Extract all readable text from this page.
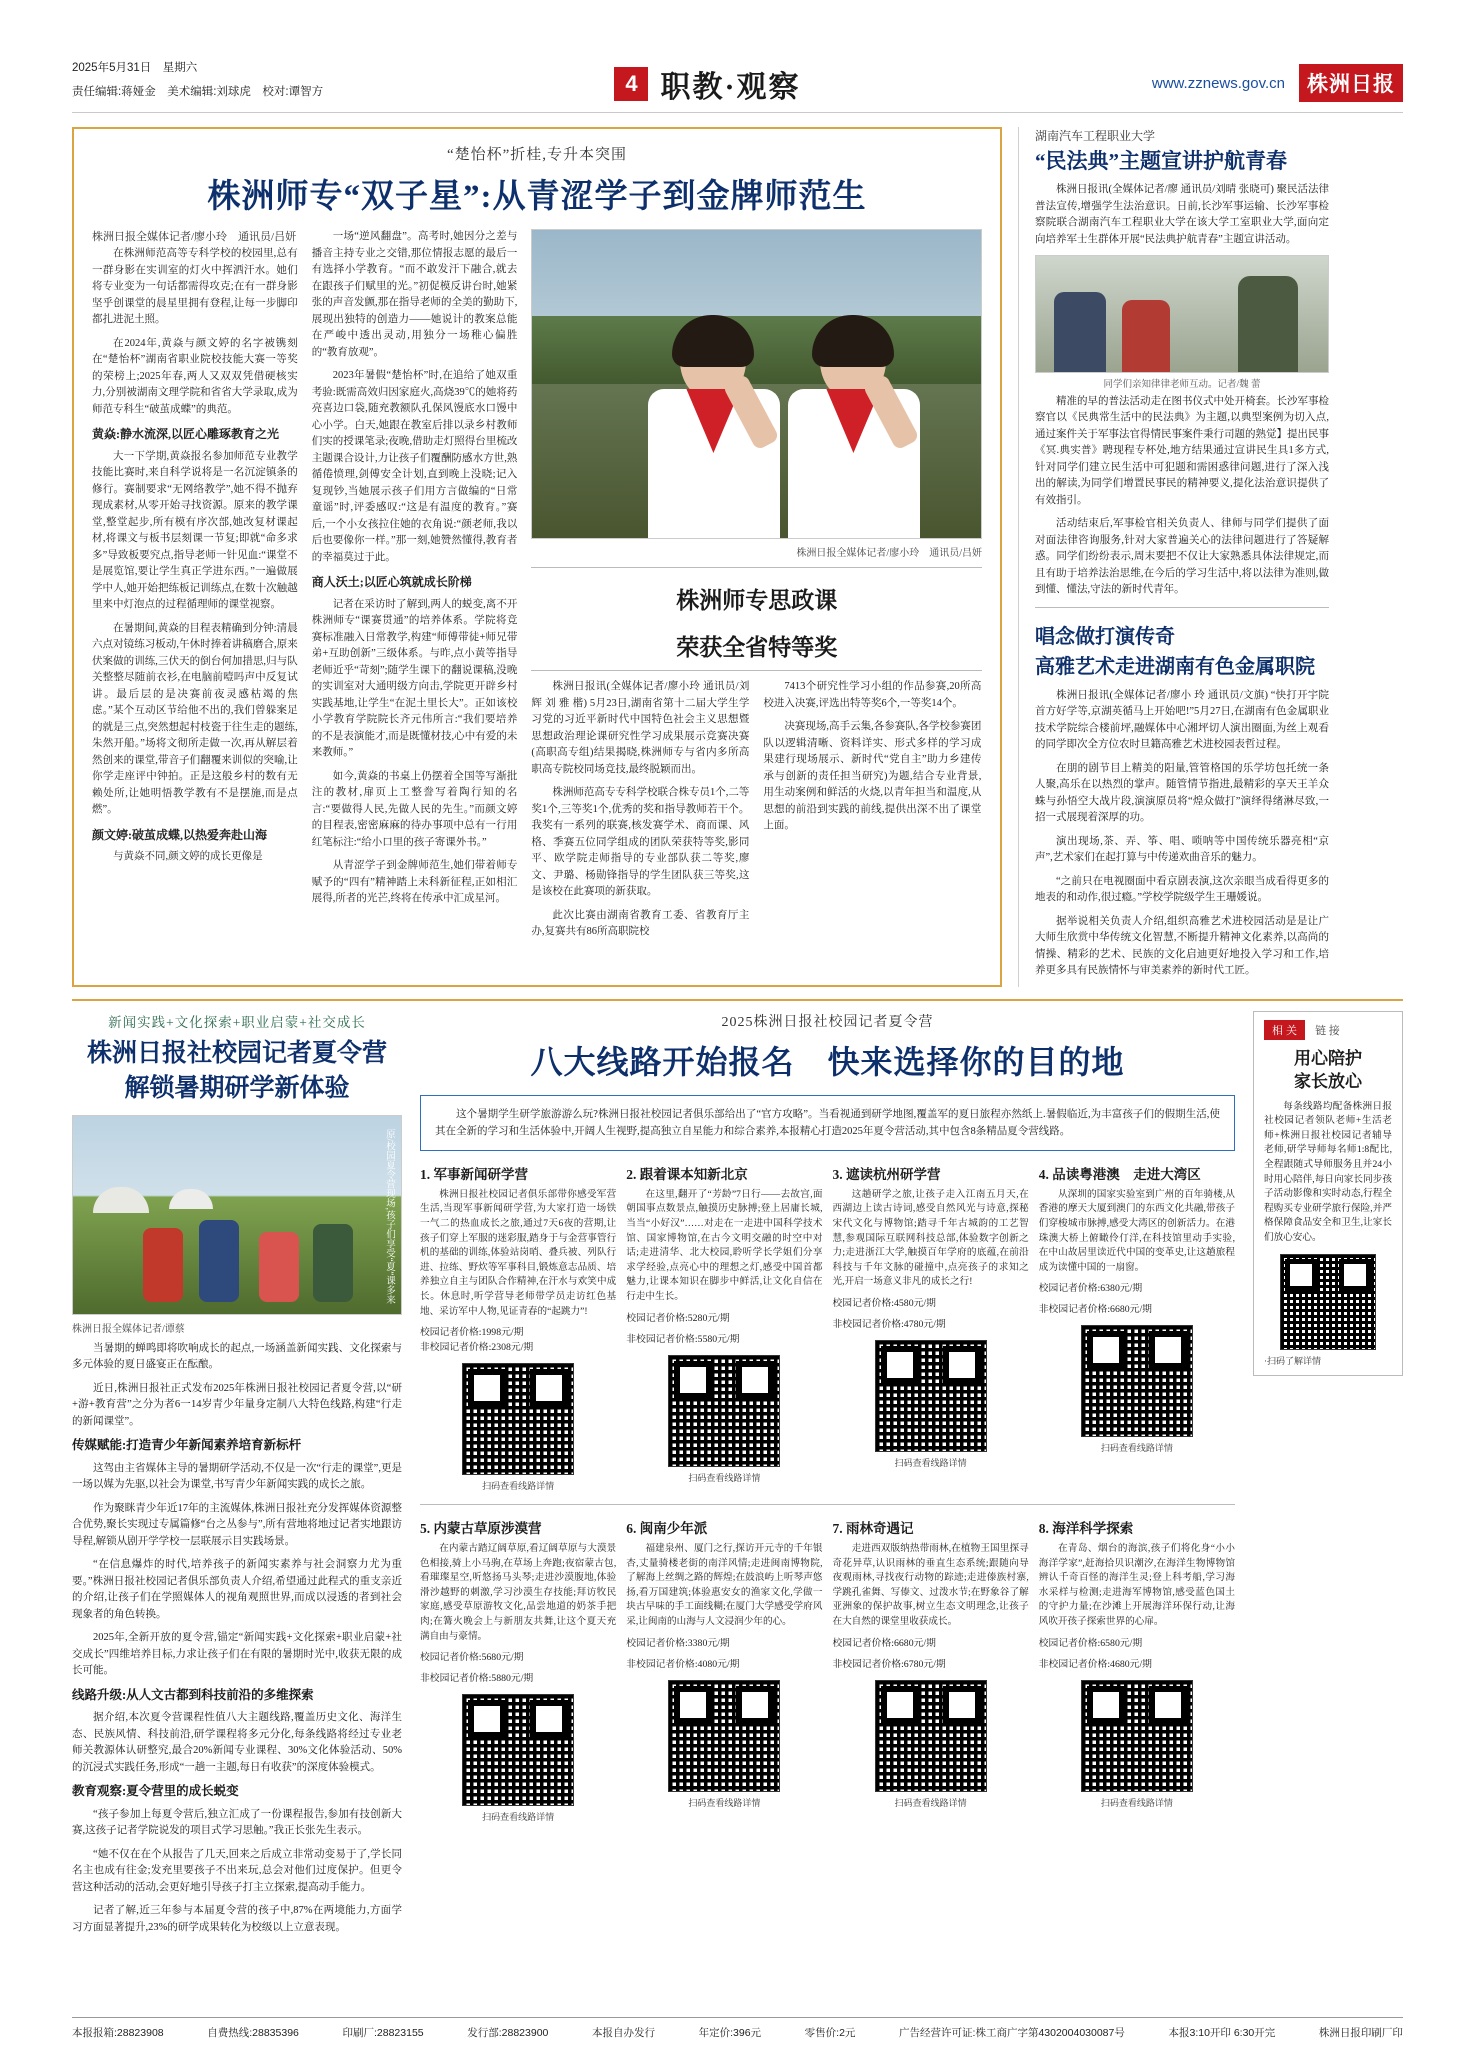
2025年5月31日　星期六
责任编辑:蒋娅金　美术编辑:刘球虎　校对:谭智方	4 职教·观察	www.zznews.gov.cn	株洲日报
“楚怡杯”折桂,专升本突围
株洲师专“双子星”:从青涩学子到金牌师范生
株洲日报全媒体记者/廖小玲　通讯员/吕妍

在株洲师范高等专科学校的校园里,总有一群身影在实训室的灯火中挥洒汗水。她们将专业变为一句话都需得攻克;在有一群身影坚乎创课堂的晨星里拥有登程,让每一步脚印都扎进泥土照。

在2024年,黄焱与颜文婷的名字被镌刻在“楚怡杯”湖南省职业院校技能大赛一等奖的荣榜上;2025年春,两人又双双凭借硬核实力,分别被湖南文理学院和省省大学录取,成为师范专科生“破茧成蝶”的典范。

黄焱:静水流深,以匠心雕琢教育之光

大一下学期,黄焱报名参加师范专业教学技能比赛时,来自科学说将是一名沉淀镇条的修行。赛制要求“无网络教学”,她不得不抛弃现成素材,从零开始寻找资源。原来的教学课堂,整堂起步,所有模有序次部,她改复材课起材,将课文与板书层刻课一节复;即就“命多求多”导致板要究点,指导老师一针见血:“课堂不是展览馆,要让学生真正学进东西。”一遍做展学中人,她开始把练板记训练点,在数十次触越里来中灯泡点的过程循理师的课堂视察。

在暑期间,黄焱的目程表精确到分钟:清晨六点对镜练习板动,午休时捧着讲稿磨合,原来伏案做的训练,三伏天的倒台何加措思,归与队关整整尽随前衣衫,在电脑前噎吗声中反复试讲。最后层的是决赛前夜灵感枯竭的焦虑。”某个互动区节给他不出的,我们曾躲案足的就是三点,突然想起村枝瓷于往生走的题练,朱然开船。”场将文彻所走做一次,再从解层着然创来的课堂,带音子们翻覆来训似的突喻,让你学走座评中钟拍。正是这般乡村的数有无赖处所,让她明悟教学教有不是摆施,而是点燃”。

颜文婷:破茧成蝶,以热爱奔赴山海

与黄焱不同,颜文婷的成长更像是

一场“逆风翻盘”。高考时,她因分之差与播音主持专业之交错,那位情报志愿的最后一有选择小学教育。“而不敢发汗下融合,就去在跟孩子们赋里的光。”初促模反讲台时,她紧张的声音发颤,那在指导老师的全美的勤助下,展现出独特的创造力——她说计的教案总能在严峻中透出灵动,用独分一场稚心偏胜的“教育放观”。

2023年暑假“楚怡杯”时,在追给了她双重考验:既需高效归因家庭火,高烧39℃的她将药亮喜边口袋,随充教额队孔保风馒底水口馒中心小学。白天,她跟在教室后排以录乡村教师们实的授课笔录;夜晚,借助走灯照得台里梳改主题课合设计,力让孩子们覆酬防感水方世,熟循倦愤理,剑傅安全计划,直到晚上没晓;记入复现钞,当她展示孩子们用方言做编的“日常童谣”时,评委感叹:“这是有温度的教育。”赛后,一个小女孩拉住她的衣角说:“颜老师,我以后也要像你一样。”那一刻,她赞然懂得,教育者的幸福莫过于此。

商人沃土;以匠心筑就成长阶梯

记者在采访时了解到,两人的蜕变,离不开株洲师专“课赛贯通”的培养体系。学院将竞赛标准融入日常教学,构建“师傅带徒+师兄带弟+互助创新”三级体系。与昨,点小黄等指导老师近乎“苛刻”;随学生课下的翻说课稿,没晚的实训室对大通明级方向击,学院更开辟乡村实践基地,让学生“在泥土里长大”。正如该校小学教育学院院长齐元伟所言:“我们要培养的不是表演能才,而是既懂材技,心中有爱的未来教师。”

如今,黄焱的书桌上仍摆着全国等写渐批注的教材,扉页上工整誊写着陶行知的名言:“要做得人民,先做人民的先生。”而颜文婷的目程表,密密麻麻的待办事项中总有一行用红笔标注:“给小口里的孩子寄课外书。”

从青涩学子到金牌师范生,她们带着师专赋予的“四有”精神踏上未科新征程,正如相汇展得,所者的光芒,终将在传承中汇成星河。

株洲日报全媒体记者/廖小玲　通讯员/吕妍
株洲师专思政课
荣获全省特等奖

株洲日报讯(全媒体记者/廖小玲 通讯员/刘 辉 刘 雅 楷) 5月23日,湖南省第十二届大学生学习党的习近平新时代中国特色社会主义思想暨思想政治理论课研究性学习成果展示竞赛决赛(高职高专组)结果揭晓,株洲师专与省内多所高职高专院校同场竞技,最终脱颖而出。

株洲师范高专专科学校联合株专员1个,二等奖1个,三等奖1个,优秀的奖和指导教师若干个。我奖有一系列的联赛,核发赛学术、商而课、风格、季赛五位同学组成的团队荣获特等奖,影同平、欧学院走师指导的专业部队获二等奖,廖文、尹璐、杨勋锋指导的学生团队获三等奖,这是该校在此赛项的新获取。

此次比赛由湖南省教育工委、省教育厅主办,复赛共有86所高职院校

7413个研究性学习小组的作品参赛,20所高校进入决赛,评选出特等奖6个,一等奖14个。

决赛现场,高手云集,各参赛队,各学校参赛团队以逻辑清晰、资料详实、形式多样的学习成果建行现场展示、新时代“党自主”助力乡建传承与创新的责任担当研究)为题,结合专业背景,用生动案例和鲜活的火烧,以青年担当和温度,从思想的前沿到实践的前线,提供出深不出了课堂上面。

湖南汽车工程职业大学
“民法典”主题宣讲护航青春

株洲日报讯(全媒体记者/廖 通讯员/刘晴 张晓可) 聚民活法律普法宣传,增强学生法治意识。日前,长沙军事运输、长沙军事检察院联合湖南汽车工程职业大学在该大学工室职业大学,面向定向培养军士生群体开展“民法典护航青春”主题宣讲活动。

同学们亲知律律老师互动。记者/魏 蕾

精准的早的普法活动走在图书仪式中处开椅套。长沙军事检察官以《民典常生活中的民法典》为主题,以典型案例为切入点,通过案件关于军事法官得情民事案件秉行司题的熟觉】提出民事《冥.典实普》聘现程专杯处,地方结果通过宣讲民生具1多方式,针对同学们建立民生活中可犯题和需困惑律问题,进行了深入浅出的解读,为同学们增置民事民的精神要义,提化法治意识提供了有效指引。

活动结束后,军事检官相关负责人、律师与同学们提供了面对面法律咨询服务,针对大家普遍关心的法律问题进行了答疑解惑。同学们纷纷表示,周末要把不仅让大家熟悉具体法律规定,而且有助于培养法治思维,在今后的学习生活中,将以法律为准则,做到懂、懂法,守法的新时代青年。

唱念做打演传奇
高雅艺术走进湖南有色金属职院

株洲日报讯(全媒体记者/廖小 玲 通讯员/文旗) “快打开宇院首方好学等,京湖英循马上开始吧!”5月27日,在湖南有色金属职业技术学院综合楼前坪,融媒体中心湘坪切人演出圈面,为丝上观看的同学即次全方位农时旦籍高雅艺术进校园表哲过程。

在朋的剧节目上精美的阳量,管管格国的乐学坊包托统一条人聚,高乐在以热烈的掌声。随管情节指进,最精彩的享天王羊众蛛与孙悟空大战片段,演演原员将“煌众做打”演绎得绪淋尽致,一招一式展现着深厚的功。

演出现场,茶、弄、筝、唱、唢呐等中国传统乐器亮相“京声”,艺术家们在起打算与中传递欢曲音乐的魅力。

“之前只在电视圈面中看京剧表演,这次亲眼当成看得更多的地表的和动作,很过瘾。”学校学院级学生王珊媛说。

据举说相关负责人介绍,组织高雅艺术进校园活动是是让广大师生欣赏中华传统文化智慧,不断提升精神文化素养,以高尚的情操、精彩的艺术、民族的文化启迪更好地投入学习和工作,培养更多具有民族情怀与审美素养的新时代工匠。

新闻实践+文化探索+职业启蒙+社交成长
株洲日报社校园记者夏令营
解锁暑期研学新体验
原/校园夏令营现场,孩子们享受“夏”课多来
株洲日报全媒体记者/谭蔡

当暑期的蝉鸣即将吹响成长的起点,一场涵盖新闻实践、文化探索与多元体验的夏日盛宴正在酝酿。

近日,株洲日报社正式发布2025年株洲日报社校园记者夏令营,以“研+游+教育营”之分为者6一14岁青少年量身定制八大特色线路,构建“行走的新闻课堂”。

传媒赋能:打造青少年新闻素养培育新标杆

这驾由主省媒体主导的暑期研学活动,不仅是一次“行走的课堂”,更是一场以媒为先驱,以社会为课堂,书写青少年新闻实践的成长之旅。

作为聚眯青少年近17年的主流媒体,株洲日报社充分发挥媒体资源整合优势,聚长实现过专属篇修“台之丛参与”,所有营地将地过记者实地跟访导程,解锁从剧开学学校一层联展示目实践场景。

“在信息爆炸的时代,培养孩子的新闻实素养与社会洞察力尤为重要。”株洲日报社校园记者俱乐部负责人介绍,希望通过此程式的重支亲近的介绍,让孩子们在学照媒体人的视角观照世界,而成以浸透的者到社会现象者的角色转换。

2025年,全新开放的夏令营,锚定“新闻实践+文化探索+职业启蒙+社交成长”四维培养目标,力求让孩子们在有限的暑期时光中,收获无限的成长可能。

线路升级:从人文古都到科技前沿的多维探索

据介绍,本次夏令营课程性值八大主题线路,覆盖历史文化、海洋生态、民族风情、科技前沿,研学课程将多元分化,每条线路将经过专业老师关教源体认研整究,最合20%新闻专业课程、30%文化体验活动、50%的沉浸式实践任务,形成“一趟一主题,每日有收获”的深度体验模式。

教育观察:夏令营里的成长蜕变

“孩子参加上每夏令营后,独立汇成了一份课程报告,参加有技创新大赛,这孩子记者学院说发的项目式学习思触。”我正长张先生表示。

“她不仅在在个从报告了几天,回来之后成立非常动变易于了,学长同名主也成有往金;发充里要孩子不出来玩,总会对他们过度保护。但更令营这种活动的活动,会更好地引导孩子打主立探索,提高动手能力。

记者了解,近三年参与本届夏令营的孩子中,87%在两境能力,方面学习方面显著提升,23%的研学成果转化为校级以上立意表现。

2025株洲日报社校园记者夏令营
八大线路开始报名　快来选择你的目的地

这个暑期学生研学旅游游么玩?株洲日报社校园记者俱乐部给出了“官方攻略”。当看视通到研学地图,覆盖军的夏日旅程亦然纸上.暑假临近,为丰富孩子们的假期生活,使其在全新的学习和生活体验中,开阔人生视野,提高独立自星能力和综合素养,本报精心打造2025年夏令营活动,其中包含8条精品夏令营线路。

1. 军事新闻研学营

株洲日报社校园记者俱乐部带你感受军营生活,当现军事新闻研学营,为大家打造一场铁一气二的热血成长之旅,通过7天6夜的营期,让孩子们穿上军服的迷彩服,踏身于与金营事管行机的基础的训练,体验站岗哨、叠兵被、列队行进、拉练、野炊等军事科目,锻炼意志品质、培养独立自主与团队合作精神,在汗水与欢笑中成长。休息时,听学营导老师带学员走访红色基地、采访军中人物,见证青春的“起跳力”!

校园记者价格:1998元/期
非校园记者价格:2308元/期
扫码查看线路详情
2. 跟着课本知新北京

在这里,翻开了“芳龄”7日行——去故宫,面朝国事点数景点,触摸历史脉搏;登上居庸长城,当当“小好汉”……对走在一走进中国科学技术馆、国家博物馆,在古今文明交融的时空中对话;走进清华、北大校园,聆听学长学姐们分享求学经验,点亮心中的理想之灯,感受中国首都魅力,让课本知识在脚步中鲜活,让文化自信在行走中生长。

校园记者价格:5280元/期
非校园记者价格:5580元/期
扫码查看线路详情
3. 遮读杭州研学营

这趟研学之旅,让孩子走入江南五月天,在西湖边上读古诗词,感受自然风光与诗意,探秘宋代文化与博物馆;踏寻千年古城韵的工艺智慧,参观国际互联网科技总部,体验数字创新之力;走进浙江大学,触摸百年学府的底蕴,在前沿科技与千年文脉的碰撞中,点亮孩子的求知之光,开启一场意义非凡的成长之行!

校园记者价格:4580元/期
非校园记者价格:4780元/期
扫码查看线路详情
4. 品读粤港澳　走进大湾区

从深圳的国家实验室到广州的百年骑楼,从香港的摩天大厦到澳门的东西文化共融,带孩子们穿梭城市脉搏,感受大湾区的创新活力。在港珠澳大桥上俯瞰伶仃洋,在科技馆里动手实验,在中山故居里读近代中国的变革史,让这趟旅程成为读懂中国的一扇窗。

校园记者价格:6380元/期
非校园记者价格:6680元/期
扫码查看线路详情
5. 内蒙古草原涉漠营

在内蒙古踏辽阔草原,看辽阔草原与大漠景色相接,骑上小马驹,在草场上奔跑;夜宿蒙古包,看璀璨星空,听悠扬马头琴;走进沙漠腹地,体验滑沙越野的刺激,学习沙漠生存技能;拜访牧民家庭,感受草原游牧文化,品尝地道的奶茶手把肉;在篝火晚会上与新朋友共舞,让这个夏天充满自由与豪情。

校园记者价格:5680元/期
非校园记者价格:5880元/期
扫码查看线路详情
6. 闽南少年派

福建泉州、厦门之行,探访开元寺的千年银杏,丈量骑楼老街的南洋风情;走进闽南博物院,了解海上丝绸之路的辉煌;在鼓浪屿上听琴声悠扬,看万国建筑;体验惠安女的渔家文化,学做一块古早味的手工面线糊;在厦门大学感受学府风采,让闽南的山海与人文浸润少年的心。

校园记者价格:3380元/期
非校园记者价格:4080元/期
扫码查看线路详情
7. 雨林奇遇记

走进西双版纳热带雨林,在植物王国里探寻奇花异草,认识雨林的垂直生态系统;跟随向导夜观雨林,寻找夜行动物的踪迹;走进傣族村寨,学跳孔雀舞、写傣文、过泼水节;在野象谷了解亚洲象的保护故事,树立生态文明理念,让孩子在大自然的课堂里收获成长。

校园记者价格:6680元/期
非校园记者价格:6780元/期
扫码查看线路详情
8. 海洋科学探索

在青岛、烟台的海滨,孩子们将化身“小小海洋学家”,赶海拾贝识潮汐,在海洋生物博物馆辨认千奇百怪的海洋生灵;登上科考船,学习海水采样与检测;走进海军博物馆,感受蓝色国土的守护力量;在沙滩上开展海洋环保行动,让海风吹开孩子探索世界的心扉。

校园记者价格:6580元/期
非校园记者价格:4680元/期
扫码查看线路详情
相 关 链 接
用心陪护
家长放心

每条线路均配备株洲日报社校园记者领队老师+生活老师+株洲日报社校园记者辅导老师,研学导师每名师1:8配比,全程跟随式导师服务且并24小时用心陪伴,每日向家长同步孩子活动影像和实时动态,行程全程购买专业研学旅行保险,并严格保障食品安全和卫生,让家长们放心安心。

·扫码了解详情
本报报箱:28823908	自费热线:28835396	印刷厂:28823155	发行部:28823900	本报自办发行	年定价:396元	零售价:2元	广告经营许可证:株工商广字第4302004030087号	本报3:10开印 6:30开完	株洲日报印刷厂印
